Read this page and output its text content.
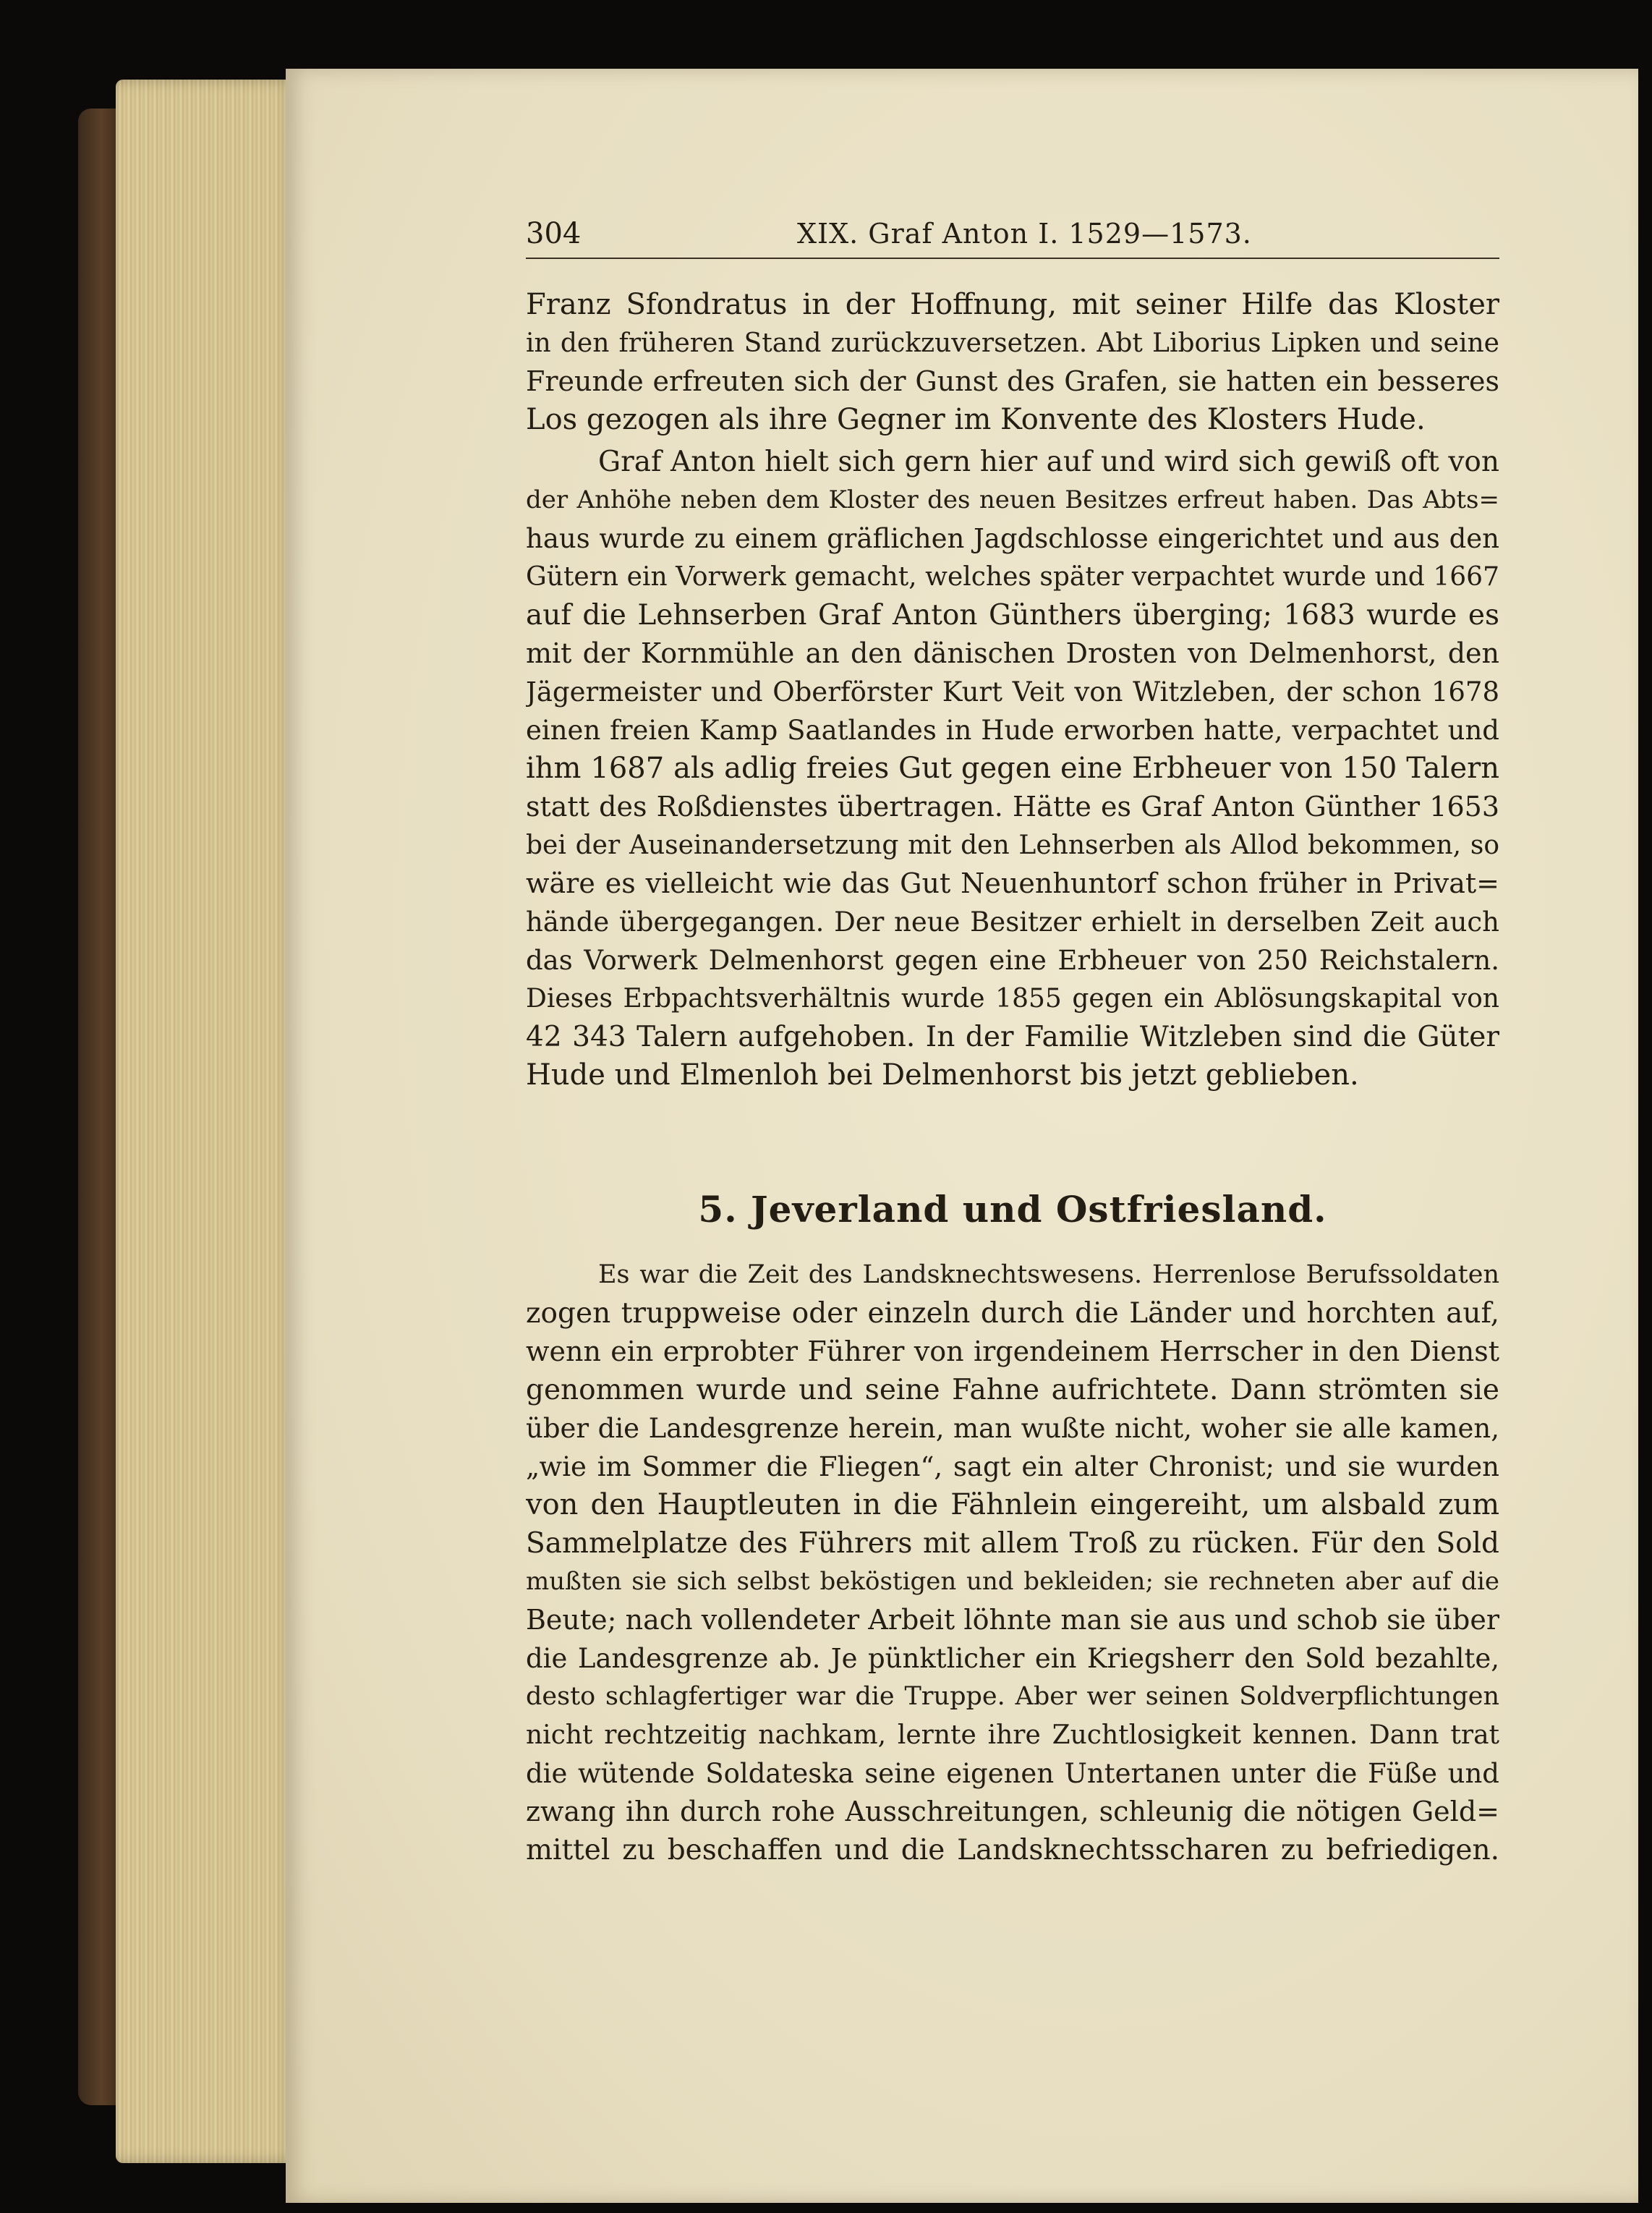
304	XIX. Graf Anton I. 1529—1573.
Franz Sfondratus in der Hoffnung, mit seiner Hilfe das Kloster
in den früheren Stand zurückzuversetzen. Abt Liborius Lipken und seine
Freunde erfreuten sich der Gunst des Grafen, sie hatten ein besseres
Los gezogen als ihre Gegner im Konvente des Klosters Hude.
Graf Anton hielt sich gern hier auf und wird sich gewiß oft von
der Anhöhe neben dem Kloster des neuen Besitzes erfreut haben. Das Abts=
haus wurde zu einem gräflichen Jagdschlosse eingerichtet und aus den
Gütern ein Vorwerk gemacht, welches später verpachtet wurde und 1667
auf die Lehnserben Graf Anton Günthers überging; 1683 wurde es
mit der Kornmühle an den dänischen Drosten von Delmenhorst, den
Jägermeister und Oberförster Kurt Veit von Witzleben, der schon 1678
einen freien Kamp Saatlandes in Hude erworben hatte, verpachtet und
ihm 1687 als adlig freies Gut gegen eine Erbheuer von 150 Talern
statt des Roßdienstes übertragen. Hätte es Graf Anton Günther 1653
bei der Auseinandersetzung mit den Lehnserben als Allod bekommen, so
wäre es vielleicht wie das Gut Neuenhuntorf schon früher in Privat=
hände übergegangen. Der neue Besitzer erhielt in derselben Zeit auch
das Vorwerk Delmenhorst gegen eine Erbheuer von 250 Reichstalern.
Dieses Erbpachtsverhältnis wurde 1855 gegen ein Ablösungskapital von
42 343 Talern aufgehoben. In der Familie Witzleben sind die Güter
Hude und Elmenloh bei Delmenhorst bis jetzt geblieben.
5. Jeverland und Ostfriesland.
Es war die Zeit des Landsknechtswesens. Herrenlose Berufssoldaten
zogen truppweise oder einzeln durch die Länder und horchten auf,
wenn ein erprobter Führer von irgendeinem Herrscher in den Dienst
genommen wurde und seine Fahne aufrichtete. Dann strömten sie
über die Landesgrenze herein, man wußte nicht, woher sie alle kamen,
„wie im Sommer die Fliegen“, sagt ein alter Chronist; und sie wurden
von den Hauptleuten in die Fähnlein eingereiht, um alsbald zum
Sammelplatze des Führers mit allem Troß zu rücken. Für den Sold
mußten sie sich selbst beköstigen und bekleiden; sie rechneten aber auf die
Beute; nach vollendeter Arbeit löhnte man sie aus und schob sie über
die Landesgrenze ab. Je pünktlicher ein Kriegsherr den Sold bezahlte,
desto schlagfertiger war die Truppe. Aber wer seinen Soldverpflichtungen
nicht rechtzeitig nachkam, lernte ihre Zuchtlosigkeit kennen. Dann trat
die wütende Soldateska seine eigenen Untertanen unter die Füße und
zwang ihn durch rohe Ausschreitungen, schleunig die nötigen Geld=
mittel zu beschaffen und die Landsknechtsscharen zu befriedigen.
